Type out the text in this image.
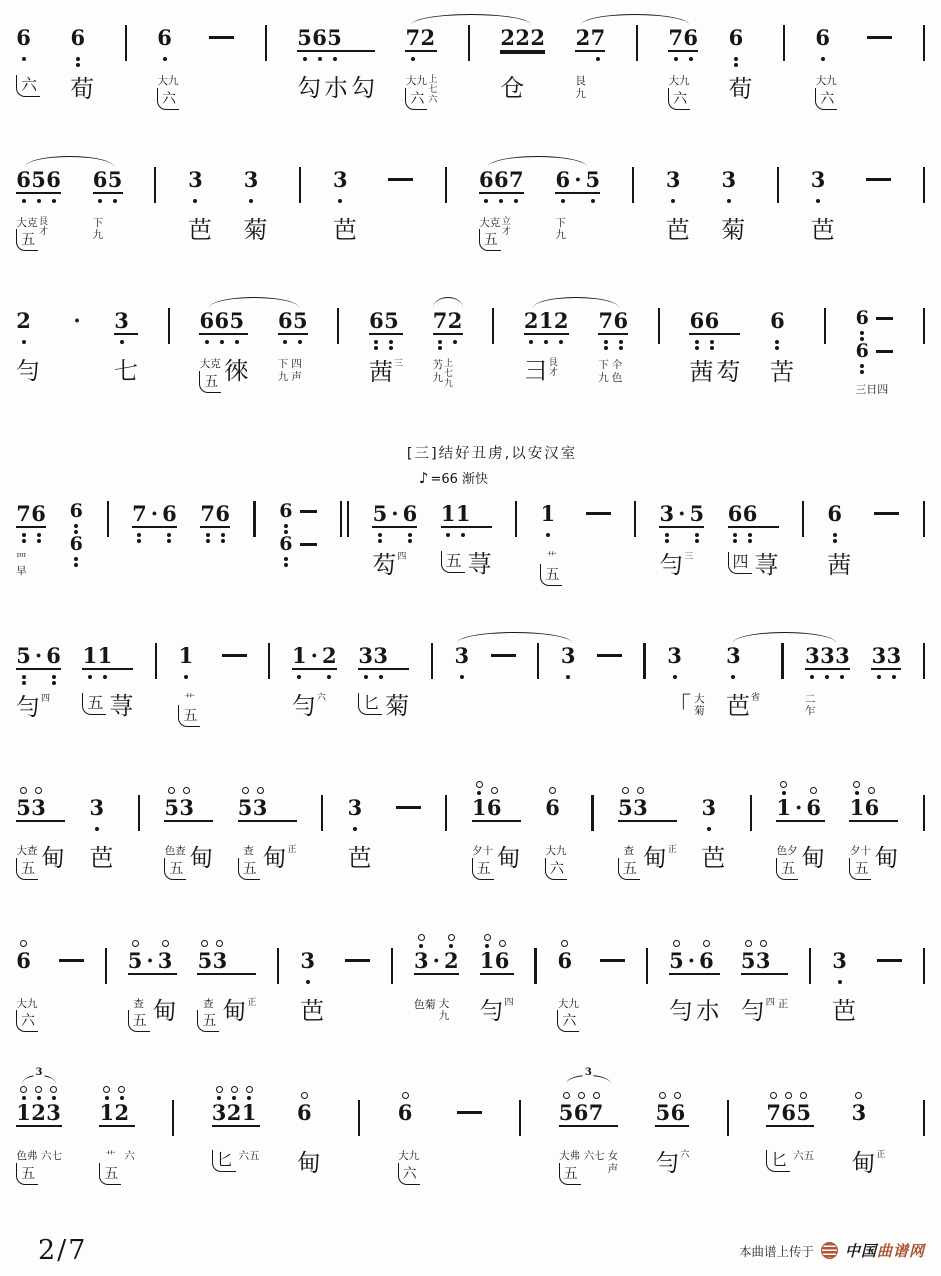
6
六
6
荀
6
大九
六
5 6 5
勾 朩 勾
7 2
大九
六
上
七
六
2 2 2
仓
2 7
艮
九
7 6
大九
六
6
荀
6
大九
六
6 5 6
大克
五
艮
才
6 5
下
九
3
芭
3
菊
3
芭
6 6 7
大克
五
立
才
6 · 5
下
九
3
芭
3
菊
3
芭
2
勻
· 3
七
6 6 5
大克
五 徠
6 5
下
九
四
声
6 5
茜 三
7 2
艻
九
上
七
九
2 1 2
彐 艮
才
7 6
下
九
仐
色
6 6
茜 芶
6
苦
6
6
三日四
[三]结好丑虏,以安汉室
♪ =66 渐快
7 6
罒
早
6
6
7 · 6 7 6	6
6
5 · 6
芶 四
1 1
五 荨
1
艹
五
3 · 5
勻 三
6 6
四 荨
6
茜
5 · 6
勻 四
1 1
五 荨
1
艹
五
1 · 2
勻 六
3 3
匕 菊
3	3	3
「 大
菊
3
芭 省
3 3 3
二
乍
3 3
5 3
大查
五 甸
3
芭
5 3
色查
五 甸
5 3
查
五 甸 正
3
芭
1 6
夕十
五 甸
6
大九
六
5 3
查
五 甸 正
3
芭
1 · 6
色夕
五 甸
1 6
夕十
五 甸
6
大九
六
5 · 3
查
五 甸
5 3
查
五 甸 正
3
芭
3 · 2
色菊 大
九
1 6
勻 四
6
大九
六
5 · 6
勻 朩
5 3
勻 四 正
3
芭
3
1 2 3
色弗
五
六七
1 2
艹
五
六
3 2 1
匕 六五
6
甸
6
大九
六
3
5 6 7
大弗
五
六七 女
声
5 6
勻 六
7 6 5
匕 六五
3
甸 正
2/7	本曲谱上传于 中国曲谱网
